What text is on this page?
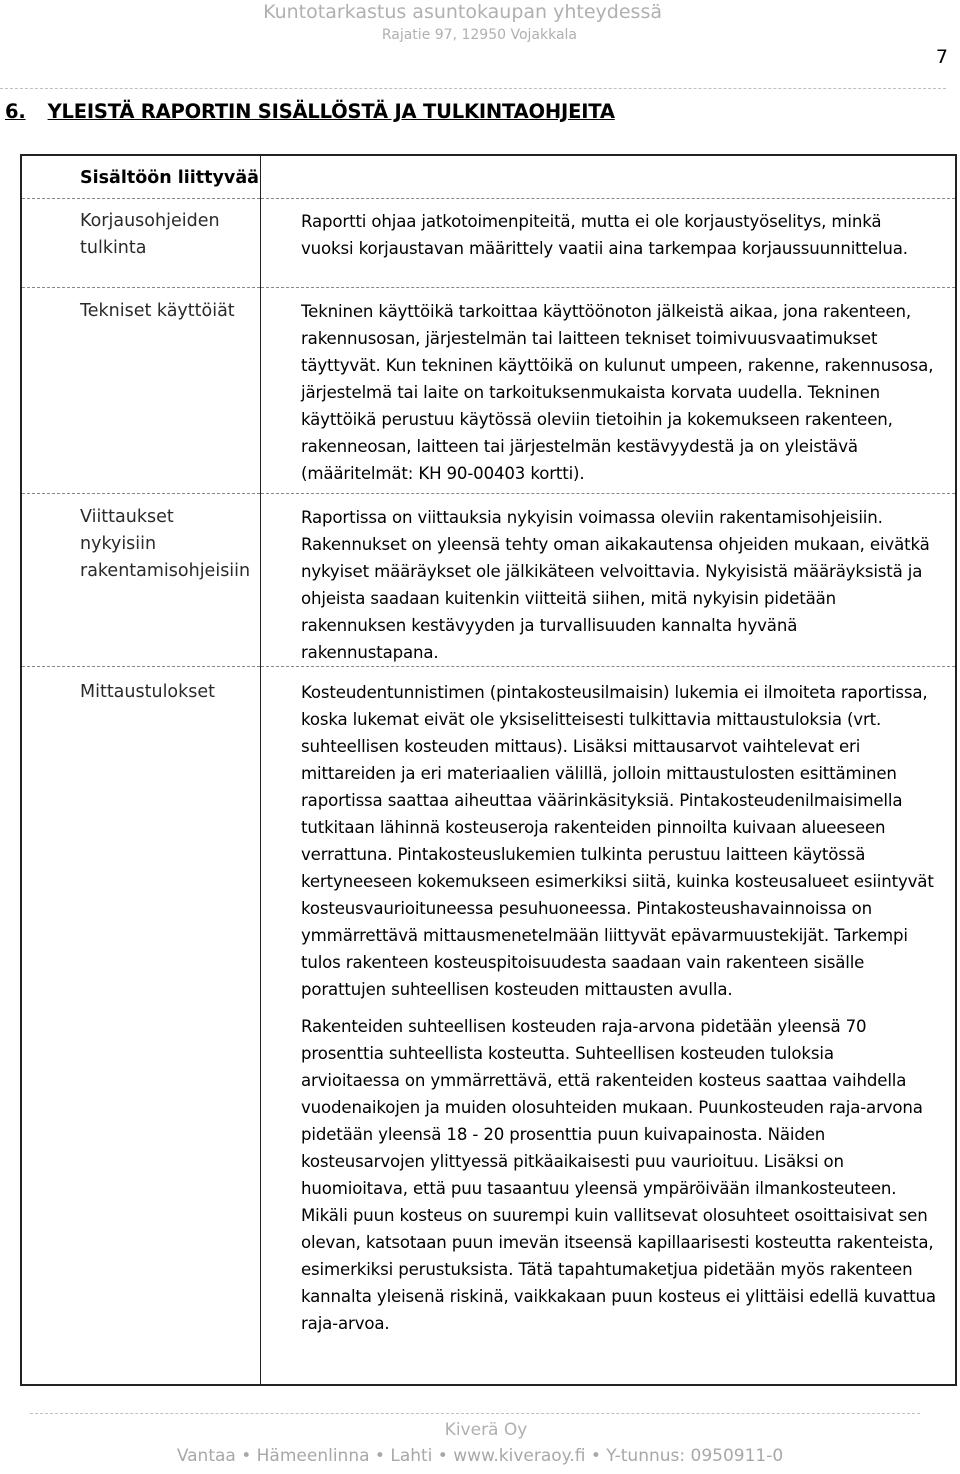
Kuntotarkastus asuntokaupan yhteydessä
Rajatie 97, 12950 Vojakkala
7
6. YLEISTÄ RAPORTIN SISÄLLÖSTÄ JA TULKINTAOHJEITA
Sisältöön liittyvää	

Korjausohjeiden tulkinta	Raportti ohjaa jatkotoimenpiteitä, mutta ei ole korjaustyöselitys, minkä vuoksi korjaustavan määrittely vaatii aina tarkempaa korjaussuunnittelua.

Tekniset käyttöiät	Tekninen käyttöikä tarkoittaa käyttöönoton jälkeistä aikaa, jona rakenteen, rakennusosan, järjestelmän tai laitteen tekniset toimivuusvaatimukset täyttyvät. Kun tekninen käyttöikä on kulunut umpeen, rakenne, rakennusosa, järjestelmä tai laite on tarkoituksenmukaista korvata uudella. Tekninen käyttöikä perustuu käytössä oleviin tietoihin ja kokemukseen rakenteen, rakenneosan, laitteen tai järjestelmän kestävyydestä ja on yleistävä (määritelmät: KH 90-00403 kortti).

Viittaukset nykyisiin rakentamisohjeisiin	Raportissa on viittauksia nykyisin voimassa oleviin rakentamisohjeisiin. Rakennukset on yleensä tehty oman aikakautensa ohjeiden mukaan, eivätkä nykyiset määräykset ole jälkikäteen velvoittavia. Nykyisistä määräyksistä ja ohjeista saadaan kuitenkin viitteitä siihen, mitä nykyisin pidetään rakennuksen kestävyyden ja turvallisuuden kannalta hyvänä rakennustapana.

Mittaustulokset	Kosteudentunnistimen (pintakosteusilmaisin) lukemia ei ilmoiteta raportissa, koska lukemat eivät ole yksiselitteisesti tulkittavia mittaustuloksia (vrt. suhteellisen kosteuden mittaus). Lisäksi mittausarvot vaihtelevat eri mittareiden ja eri materiaalien välillä, jolloin mittaustulosten esittäminen raportissa saattaa aiheuttaa väärinkäsityksiä. Pintakosteudenilmaisimella tutkitaan lähinnä kosteuseroja rakenteiden pinnoilta kuivaan alueeseen verrattuna. Pintakosteuslukemien tulkinta perustuu laitteen käytössä kertyneeseen kokemukseen esimerkiksi siitä, kuinka kosteusalueet esiintyvät kosteusvaurioituneessa pesuhuoneessa. Pintakosteushavainnoissa on ymmärrettävä mittausmenetelmään liittyvät epävarmuustekijät. Tarkempi tulos rakenteen kosteuspitoisuudesta saadaan vain rakenteen sisälle porattujen suhteellisen kosteuden mittausten avulla.

Rakenteiden suhteellisen kosteuden raja-arvona pidetään yleensä 70 prosenttia suhteellista kosteutta. Suhteellisen kosteuden tuloksia arvioitaessa on ymmärrettävä, että rakenteiden kosteus saattaa vaihdella vuodenaikojen ja muiden olosuhteiden mukaan. Puunkosteuden raja-arvona pidetään yleensä 18 - 20 prosenttia puun kuivapainosta. Näiden kosteusarvojen ylittyessä pitkäaikaisesti puu vaurioituu. Lisäksi on huomioitava, että puu tasaantuu yleensä ympäröivään ilmankosteuteen. Mikäli puun kosteus on suurempi kuin vallitsevat olosuhteet osoittaisivat sen olevan, katsotaan puun imevän itseensä kapillaarisesti kosteutta rakenteista, esimerkiksi perustuksista. Tätä tapahtumaketjua pidetään myös rakenteen kannalta yleisenä riskinä, vaikkakaan puun kosteus ei ylittäisi edellä kuvattua raja-arvoa.

Kiverä Oy
Vantaa • Hämeenlinna • Lahti • www.kiveraoy.fi • Y-tunnus: 0950911-0
